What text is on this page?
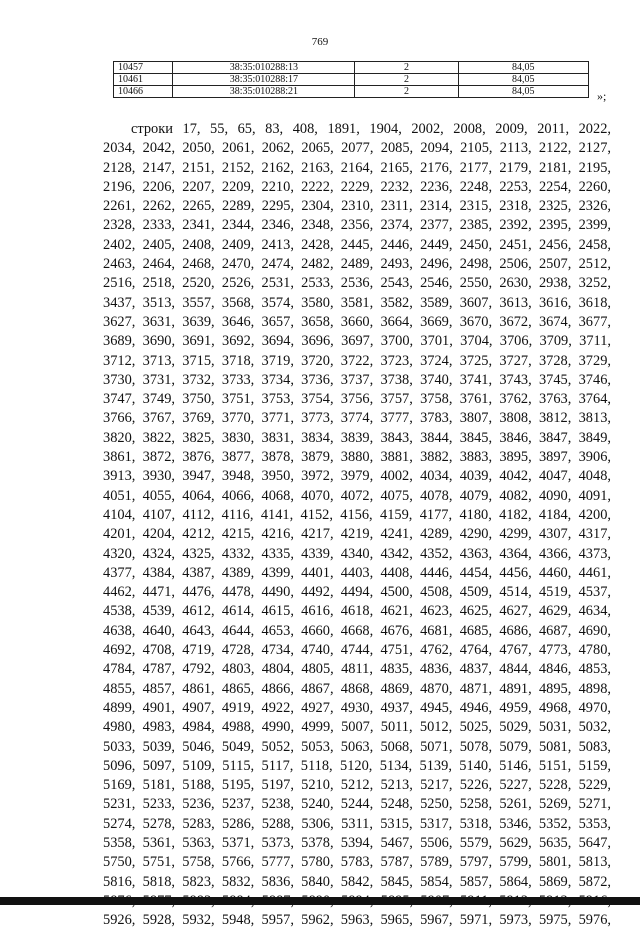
769
10457	38:35:010288:13	2	84,05
10461	38:35:010288:17	2	84,05
10466	38:35:010288:21	2	84,05	»;
строки 17, 55, 65, 83, 408, 1891, 1904, 2002, 2008, 2009, 2011, 2022,
2034, 2042, 2050, 2061, 2062, 2065, 2077, 2085, 2094, 2105, 2113, 2122, 2127,
2128, 2147, 2151, 2152, 2162, 2163, 2164, 2165, 2176, 2177, 2179, 2181, 2195,
2196, 2206, 2207, 2209, 2210, 2222, 2229, 2232, 2236, 2248, 2253, 2254, 2260,
2261, 2262, 2265, 2289, 2295, 2304, 2310, 2311, 2314, 2315, 2318, 2325, 2326,
2328, 2333, 2341, 2344, 2346, 2348, 2356, 2374, 2377, 2385, 2392, 2395, 2399,
2402, 2405, 2408, 2409, 2413, 2428, 2445, 2446, 2449, 2450, 2451, 2456, 2458,
2463, 2464, 2468, 2470, 2474, 2482, 2489, 2493, 2496, 2498, 2506, 2507, 2512,
2516, 2518, 2520, 2526, 2531, 2533, 2536, 2543, 2546, 2550, 2630, 2938, 3252,
3437, 3513, 3557, 3568, 3574, 3580, 3581, 3582, 3589, 3607, 3613, 3616, 3618,
3627, 3631, 3639, 3646, 3657, 3658, 3660, 3664, 3669, 3670, 3672, 3674, 3677,
3689, 3690, 3691, 3692, 3694, 3696, 3697, 3700, 3701, 3704, 3706, 3709, 3711,
3712, 3713, 3715, 3718, 3719, 3720, 3722, 3723, 3724, 3725, 3727, 3728, 3729,
3730, 3731, 3732, 3733, 3734, 3736, 3737, 3738, 3740, 3741, 3743, 3745, 3746,
3747, 3749, 3750, 3751, 3753, 3754, 3756, 3757, 3758, 3761, 3762, 3763, 3764,
3766, 3767, 3769, 3770, 3771, 3773, 3774, 3777, 3783, 3807, 3808, 3812, 3813,
3820, 3822, 3825, 3830, 3831, 3834, 3839, 3843, 3844, 3845, 3846, 3847, 3849,
3861, 3872, 3876, 3877, 3878, 3879, 3880, 3881, 3882, 3883, 3895, 3897, 3906,
3913, 3930, 3947, 3948, 3950, 3972, 3979, 4002, 4034, 4039, 4042, 4047, 4048,
4051, 4055, 4064, 4066, 4068, 4070, 4072, 4075, 4078, 4079, 4082, 4090, 4091,
4104, 4107, 4112, 4116, 4141, 4152, 4156, 4159, 4177, 4180, 4182, 4184, 4200,
4201, 4204, 4212, 4215, 4216, 4217, 4219, 4241, 4289, 4290, 4299, 4307, 4317,
4320, 4324, 4325, 4332, 4335, 4339, 4340, 4342, 4352, 4363, 4364, 4366, 4373,
4377, 4384, 4387, 4389, 4399, 4401, 4403, 4408, 4446, 4454, 4456, 4460, 4461,
4462, 4471, 4476, 4478, 4490, 4492, 4494, 4500, 4508, 4509, 4514, 4519, 4537,
4538, 4539, 4612, 4614, 4615, 4616, 4618, 4621, 4623, 4625, 4627, 4629, 4634,
4638, 4640, 4643, 4644, 4653, 4660, 4668, 4676, 4681, 4685, 4686, 4687, 4690,
4692, 4708, 4719, 4728, 4734, 4740, 4744, 4751, 4762, 4764, 4767, 4773, 4780,
4784, 4787, 4792, 4803, 4804, 4805, 4811, 4835, 4836, 4837, 4844, 4846, 4853,
4855, 4857, 4861, 4865, 4866, 4867, 4868, 4869, 4870, 4871, 4891, 4895, 4898,
4899, 4901, 4907, 4919, 4922, 4927, 4930, 4937, 4945, 4946, 4959, 4968, 4970,
4980, 4983, 4984, 4988, 4990, 4999, 5007, 5011, 5012, 5025, 5029, 5031, 5032,
5033, 5039, 5046, 5049, 5052, 5053, 5063, 5068, 5071, 5078, 5079, 5081, 5083,
5096, 5097, 5109, 5115, 5117, 5118, 5120, 5134, 5139, 5140, 5146, 5151, 5159,
5169, 5181, 5188, 5195, 5197, 5210, 5212, 5213, 5217, 5226, 5227, 5228, 5229,
5231, 5233, 5236, 5237, 5238, 5240, 5244, 5248, 5250, 5258, 5261, 5269, 5271,
5274, 5278, 5283, 5286, 5288, 5306, 5311, 5315, 5317, 5318, 5346, 5352, 5353,
5358, 5361, 5363, 5371, 5373, 5378, 5394, 5467, 5506, 5579, 5629, 5635, 5647,
5750, 5751, 5758, 5766, 5777, 5780, 5783, 5787, 5789, 5797, 5799, 5801, 5813,
5816, 5818, 5823, 5832, 5836, 5840, 5842, 5845, 5854, 5857, 5864, 5869, 5872,
5926, 5928, 5932, 5948, 5957, 5962, 5963, 5965, 5967, 5971, 5973, 5975, 5976,
